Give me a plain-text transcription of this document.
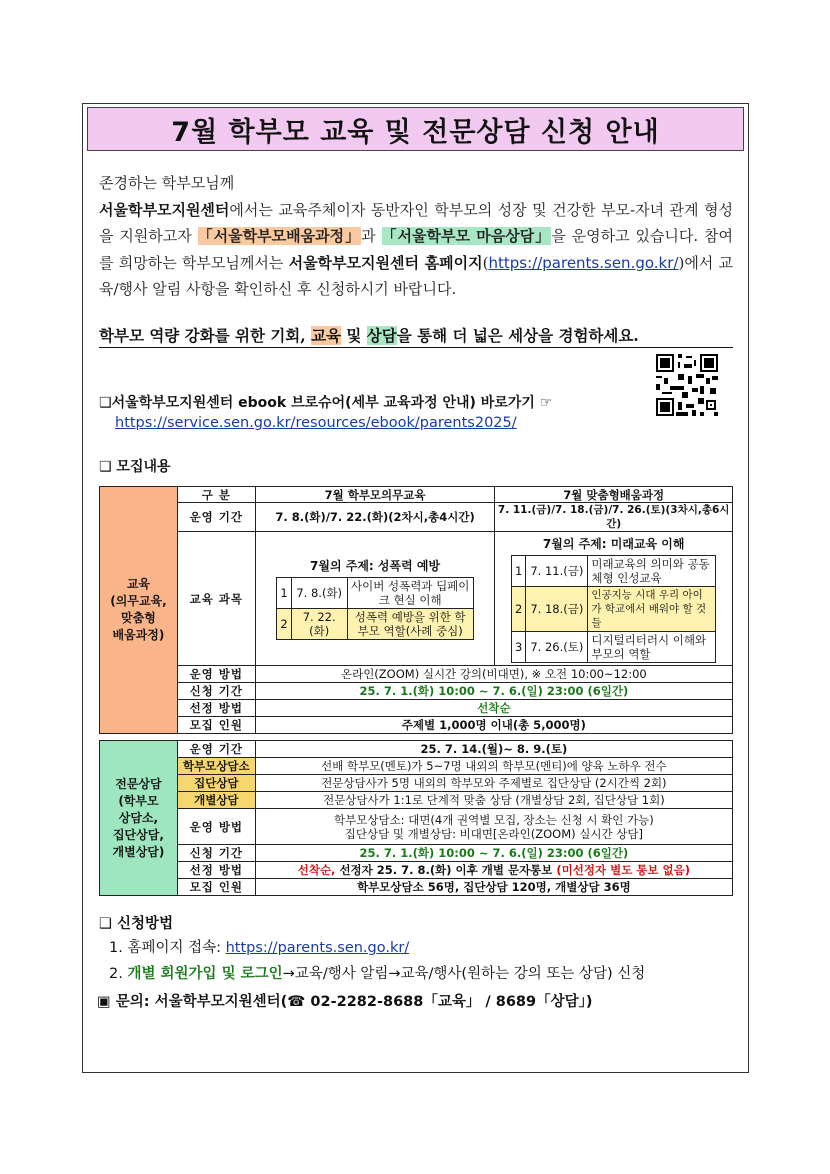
7월 학부모 교육 및 전문상담 신청 안내
존경하는 학부모님께
서울학부모지원센터에서는 교육주체이자 동반자인 학부모의 성장 및 건강한 부모-자녀 관계 형성을 지원하고자 「서울학부모배움과정」과 「서울학부모 마음상담」을 운영하고 있습니다. 참여를 희망하는 학부모님께서는 서울학부모지원센터 홈페이지(https://parents.sen.go.kr/)에서 교육/행사 알림 사항을 확인하신 후 신청하시기 바랍니다.
학부모 역량 강화를 위한 기회, 교육 및 상담을 통해 더 넓은 세상을 경험하세요.
❑서울학부모지원센터 ebook 브로슈어(세부 교육과정 안내) 바로가기 ☞
https://service.sen.go.kr/resources/ebook/parents2025/
❑ 모집내용
교육
(의무교육,
맞춤형
배움과정)
	구 분	7월 학부모의무교육	7월 맞춤형배움과정
운영 기간	7. 8.(화)/7. 22.(화)(2차시,총4시간)	7. 11.(금)/7. 18.(금)/7. 26.(토)(3차시,총6시간)
교육 과목	
7월의 주제: 성폭력 예방
1	7. 8.(화)	사이버 성폭력과 딥페이크 현실 이해
2	7. 22.(화)	성폭력 예방을 위한 학부모 역할(사례 중심)

7월의 주제: 미래교육 이해
1	7. 11.(금)	미래교육의 의미와 공동체형 인성교육
2	7. 18.(금)	인공지능 시대 우리 아이가 학교에서 배워야 할 것들
3	7. 26.(토)	디지털리터러시 이해와 부모의 역할

운영 방법	온라인(ZOOM) 실시간 강의(비대면), ※ 오전 10:00~12:00
신청 기간	25. 7. 1.(화) 10:00 ~ 7. 6.(일) 23:00 (6일간)
선정 방법	선착순
모집 인원	주제별 1,000명 이내(총 5,000명)
전문상담
(학부모
상담소,
집단상담,
개별상담)	운영 기간	25. 7. 14.(월)~ 8. 9.(토)
	학부모상담소	선배 학부모(멘토)가 5~7명 내외의 학부모(멘티)에 양육 노하우 전수
	집단상담	전문상담사가 5명 내외의 학부모와 주제별로 집단상담 (2시간씩 2회)
	개별상담	전문상담사가 1:1로 단계적 맞춤 상담 (개별상담 2회, 집단상담 1회)
	운영 방법	학부모상담소: 대면(4개 권역별 모집, 장소는 신청 시 확인 가능)
집단상담 및 개별상담: 비대면[온라인(ZOOM) 실시간 상담]

	신청 기간	25. 7. 1.(화) 10:00 ~ 7. 6.(일) 23:00 (6일간)
	선정 방법	선착순, 선정자 25. 7. 8.(화) 이후 개별 문자통보 (미선정자 별도 통보 없음)
	모집 인원	학부모상담소 56명, 집단상담 120명, 개별상담 36명
❑ 신청방법
1. 홈페이지 접속: https://parents.sen.go.kr/
2. 개별 회원가입 및 로그인→교육/행사 알림→교육/행사(원하는 강의 또는 상담) 신청
▣ 문의: 서울학부모지원센터(☎ 02-2282-8688「교육」 / 8689「상담」)
